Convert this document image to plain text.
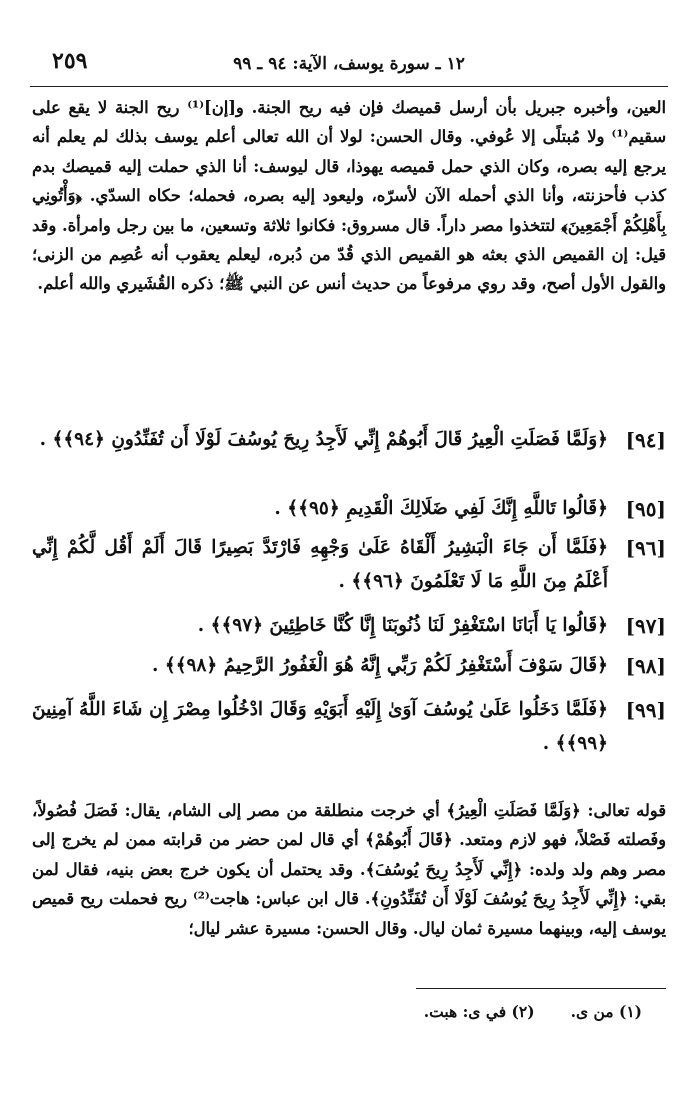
١٢ ـ سورة يوسف، الآية: ٩٤ ـ ٩٩
٢٥٩
العين، وأخبره جبريل بأن أرسل قميصك فإن فيه ريح الجنة. و[إن]⁽¹⁾ ريح الجنة لا يقع على سقيم⁽¹⁾ ولا مُبتلًى إلا عُوفي. وقال الحسن: لولا أن الله تعالى أعلم يوسف بذلك لم يعلم أنه يرجع إليه بصره، وكان الذي حمل قميصه يهوذا، قال ليوسف: أنا الذي حملت إليه قميصك بدم كذب فأحزنته، وأنا الذي أحمله الآن لأسرّه، وليعود إليه بصره، فحمله؛ حكاه السدّي. ﴿وَأْتُونِي بِأَهْلِكُمْ أَجْمَعِينَ﴾ لتتخذوا مصر داراً. قال مسروق: فكانوا ثلاثة وتسعين، ما بين رجل وامرأة. وقد قيل: إن القميص الذي بعثه هو القميص الذي قُدّ من دُبره، ليعلم يعقوب أنه عُصِم من الزنى؛ والقول الأول أصح، وقد روي مرفوعاً من حديث أنس عن النبي ﷺ؛ ذكره القُشَيري والله أعلم.
[٩٤]
﴿وَلَمَّا فَصَلَتِ الْعِيرُ قَالَ أَبُوهُمْ إِنِّي لَأَجِدُ رِيحَ يُوسُفَ لَوْلَا أَن تُفَنِّدُونِ ﴿٩٤﴾﴾ .
[٩٥]
﴿قَالُوا تَاللَّهِ إِنَّكَ لَفِي ضَلَالِكَ الْقَدِيمِ ﴿٩٥﴾﴾ .
[٩٦]
﴿فَلَمَّا أَن جَاءَ الْبَشِيرُ أَلْقَاهُ عَلَىٰ وَجْهِهِ فَارْتَدَّ بَصِيرًا قَالَ أَلَمْ أَقُل لَّكُمْ إِنِّي أَعْلَمُ مِنَ اللَّهِ مَا لَا تَعْلَمُونَ ﴿٩٦﴾﴾ .
[٩٧]
﴿قَالُوا يَا أَبَانَا اسْتَغْفِرْ لَنَا ذُنُوبَنَا إِنَّا كُنَّا خَاطِئِينَ ﴿٩٧﴾﴾ .
[٩٨]
﴿قَالَ سَوْفَ أَسْتَغْفِرُ لَكُمْ رَبِّي إِنَّهُ هُوَ الْغَفُورُ الرَّحِيمُ ﴿٩٨﴾﴾ .
[٩٩]
﴿فَلَمَّا دَخَلُوا عَلَىٰ يُوسُفَ آوَىٰ إِلَيْهِ أَبَوَيْهِ وَقَالَ ادْخُلُوا مِصْرَ إِن شَاءَ اللَّهُ آمِنِينَ ﴿٩٩﴾﴾ .
قوله تعالى: ﴿وَلَمَّا فَصَلَتِ الْعِيرُ﴾ أي خرجت منطلقة من مصر إلى الشام، يقال: فَصَلَ فُصُولاً، وفَصلته فَصْلاً، فهو لازم ومتعد. ﴿قَالَ أَبُوهُمْ﴾ أي قال لمن حضر من قرابته ممن لم يخرج إلى مصر وهم ولد ولده: ﴿إِنِّي لَأَجِدُ رِيحَ يُوسُفَ﴾. وقد يحتمل أن يكون خرج بعض بنيه، فقال لمن بقي: ﴿إِنِّي لَأَجِدُ رِيحَ يُوسُفَ لَوْلَا أَن تُفَنِّدُونِ﴾. قال ابن عباس: هاجت⁽²⁾ ريح فحملت ريح قميص يوسف إليه، وبينهما مسيرة ثمان ليال. وقال الحسن: مسيرة عشر ليال؛
(١) من ى.
(٢) في ى: هبت.
